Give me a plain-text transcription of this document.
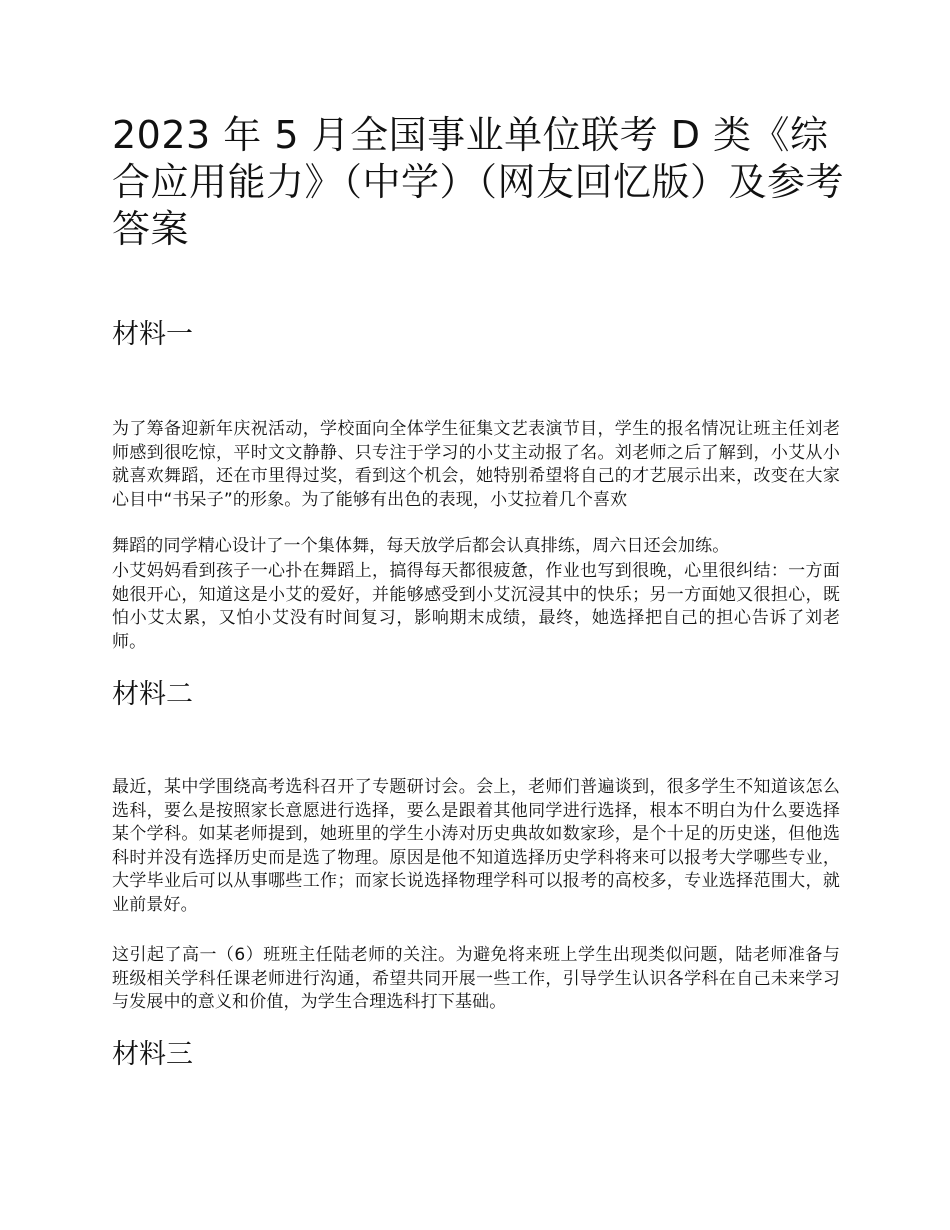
2023 年 5 月全国事业单位联考 D 类《综合应用能力》（中学）（网友回忆版）及参考答案
材料一

为了筹备迎新年庆祝活动，学校面向全体学生征集文艺表演节目，学生的报名情况让班主任刘老师感到很吃惊，平时文文静静、只专注于学习的小艾主动报了名。刘老师之后了解到，小艾从小就喜欢舞蹈，还在市里得过奖，看到这个机会，她特别希望将自己的才艺展示出来，改变在大家心目中“书呆子”的形象。为了能够有出色的表现，小艾拉着几个喜欢

舞蹈的同学精心设计了一个集体舞，每天放学后都会认真排练，周六日还会加练。

小艾妈妈看到孩子一心扑在舞蹈上，搞得每天都很疲惫，作业也写到很晚，心里很纠结：一方面她很开心，知道这是小艾的爱好，并能够感受到小艾沉浸其中的快乐；另一方面她又很担心，既怕小艾太累，又怕小艾没有时间复习，影响期末成绩，最终，她选择把自己的担心告诉了刘老师。

材料二

最近，某中学围绕高考选科召开了专题研讨会。会上，老师们普遍谈到，很多学生不知道该怎么选科，要么是按照家长意愿进行选择，要么是跟着其他同学进行选择，根本不明白为什么要选择某个学科。如某老师提到，她班里的学生小涛对历史典故如数家珍，是个十足的历史迷，但他选科时并没有选择历史而是选了物理。原因是他不知道选择历史学科将来可以报考大学哪些专业，大学毕业后可以从事哪些工作；而家长说选择物理学科可以报考的高校多，专业选择范围大，就业前景好。

这引起了高一（6）班班主任陆老师的关注。为避免将来班上学生出现类似问题，陆老师准备与班级相关学科任课老师进行沟通，希望共同开展一些工作，引导学生认识各学科在自己未来学习与发展中的意义和价值，为学生合理选科打下基础。

材料三
